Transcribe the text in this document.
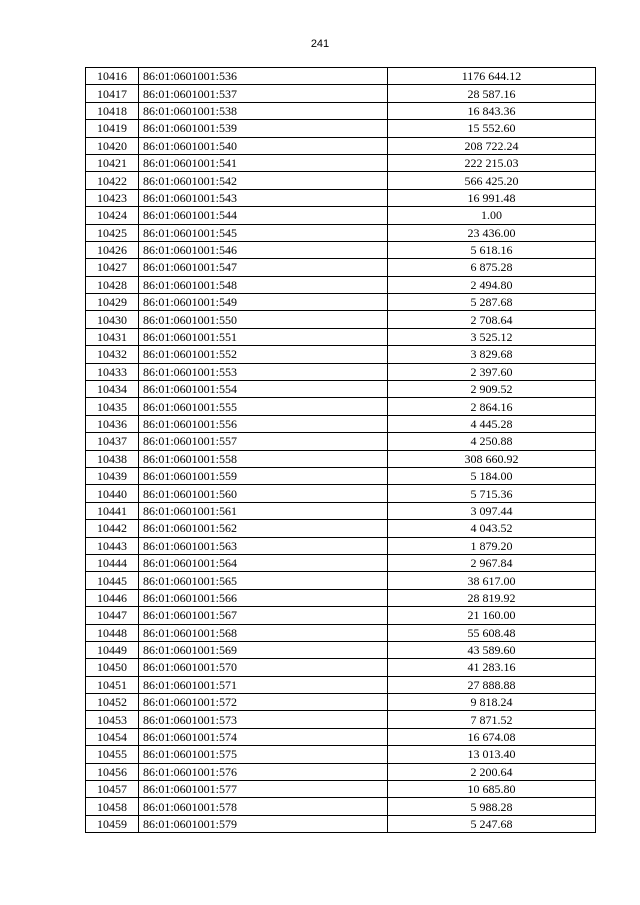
241
10416	86:01:0601001:536	1176 644.12
10417	86:01:0601001:537	28 587.16
10418	86:01:0601001:538	16 843.36
10419	86:01:0601001:539	15 552.60
10420	86:01:0601001:540	208 722.24
10421	86:01:0601001:541	222 215.03
10422	86:01:0601001:542	566 425.20
10423	86:01:0601001:543	16 991.48
10424	86:01:0601001:544	1.00
10425	86:01:0601001:545	23 436.00
10426	86:01:0601001:546	5 618.16
10427	86:01:0601001:547	6 875.28
10428	86:01:0601001:548	2 494.80
10429	86:01:0601001:549	5 287.68
10430	86:01:0601001:550	2 708.64
10431	86:01:0601001:551	3 525.12
10432	86:01:0601001:552	3 829.68
10433	86:01:0601001:553	2 397.60
10434	86:01:0601001:554	2 909.52
10435	86:01:0601001:555	2 864.16
10436	86:01:0601001:556	4 445.28
10437	86:01:0601001:557	4 250.88
10438	86:01:0601001:558	308 660.92
10439	86:01:0601001:559	5 184.00
10440	86:01:0601001:560	5 715.36
10441	86:01:0601001:561	3 097.44
10442	86:01:0601001:562	4 043.52
10443	86:01:0601001:563	1 879.20
10444	86:01:0601001:564	2 967.84
10445	86:01:0601001:565	38 617.00
10446	86:01:0601001:566	28 819.92
10447	86:01:0601001:567	21 160.00
10448	86:01:0601001:568	55 608.48
10449	86:01:0601001:569	43 589.60
10450	86:01:0601001:570	41 283.16
10451	86:01:0601001:571	27 888.88
10452	86:01:0601001:572	9 818.24
10453	86:01:0601001:573	7 871.52
10454	86:01:0601001:574	16 674.08
10455	86:01:0601001:575	13 013.40
10456	86:01:0601001:576	2 200.64
10457	86:01:0601001:577	10 685.80
10458	86:01:0601001:578	5 988.28
10459	86:01:0601001:579	5 247.68
